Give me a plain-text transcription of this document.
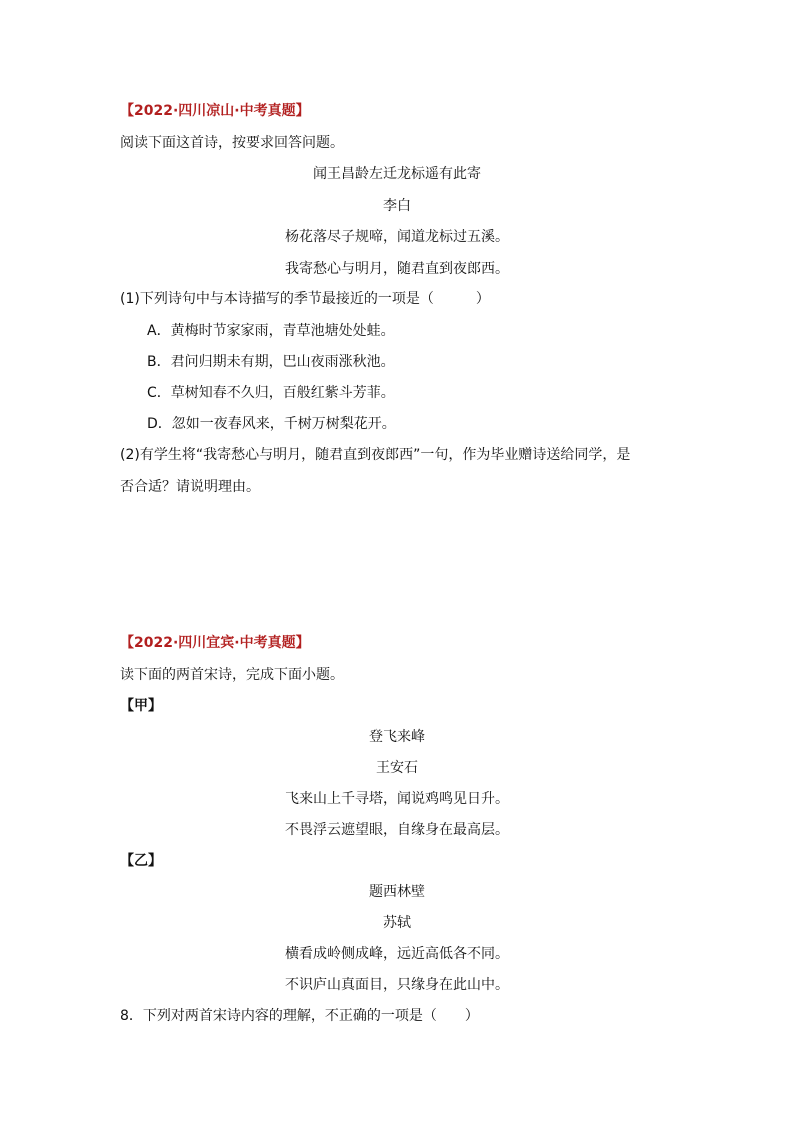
【2022·四川凉山·中考真题】
阅读下面这首诗，按要求回答问题。
闻王昌龄左迁龙标遥有此寄
李白
杨花落尽子规啼，闻道龙标过五溪。
我寄愁心与明月，随君直到夜郎西。
(1)下列诗句中与本诗描写的季节最接近的一项是（　　　）
A．黄梅时节家家雨，青草池塘处处蛙。
B．君问归期未有期，巴山夜雨涨秋池。
C．草树知春不久归，百般红紫斗芳菲。
D．忽如一夜春风来，千树万树梨花开。
(2)有学生将“我寄愁心与明月，随君直到夜郎西”一句，作为毕业赠诗送给同学，是
否合适？请说明理由。
【2022·四川宜宾·中考真题】
读下面的两首宋诗，完成下面小题。
【甲】
登飞来峰
王安石
飞来山上千寻塔，闻说鸡鸣见日升。
不畏浮云遮望眼，自缘身在最高层。
【乙】
题西林壁
苏轼
横看成岭侧成峰，远近高低各不同。
不识庐山真面目，只缘身在此山中。
8．下列对两首宋诗内容的理解，不正确的一项是（　　）
